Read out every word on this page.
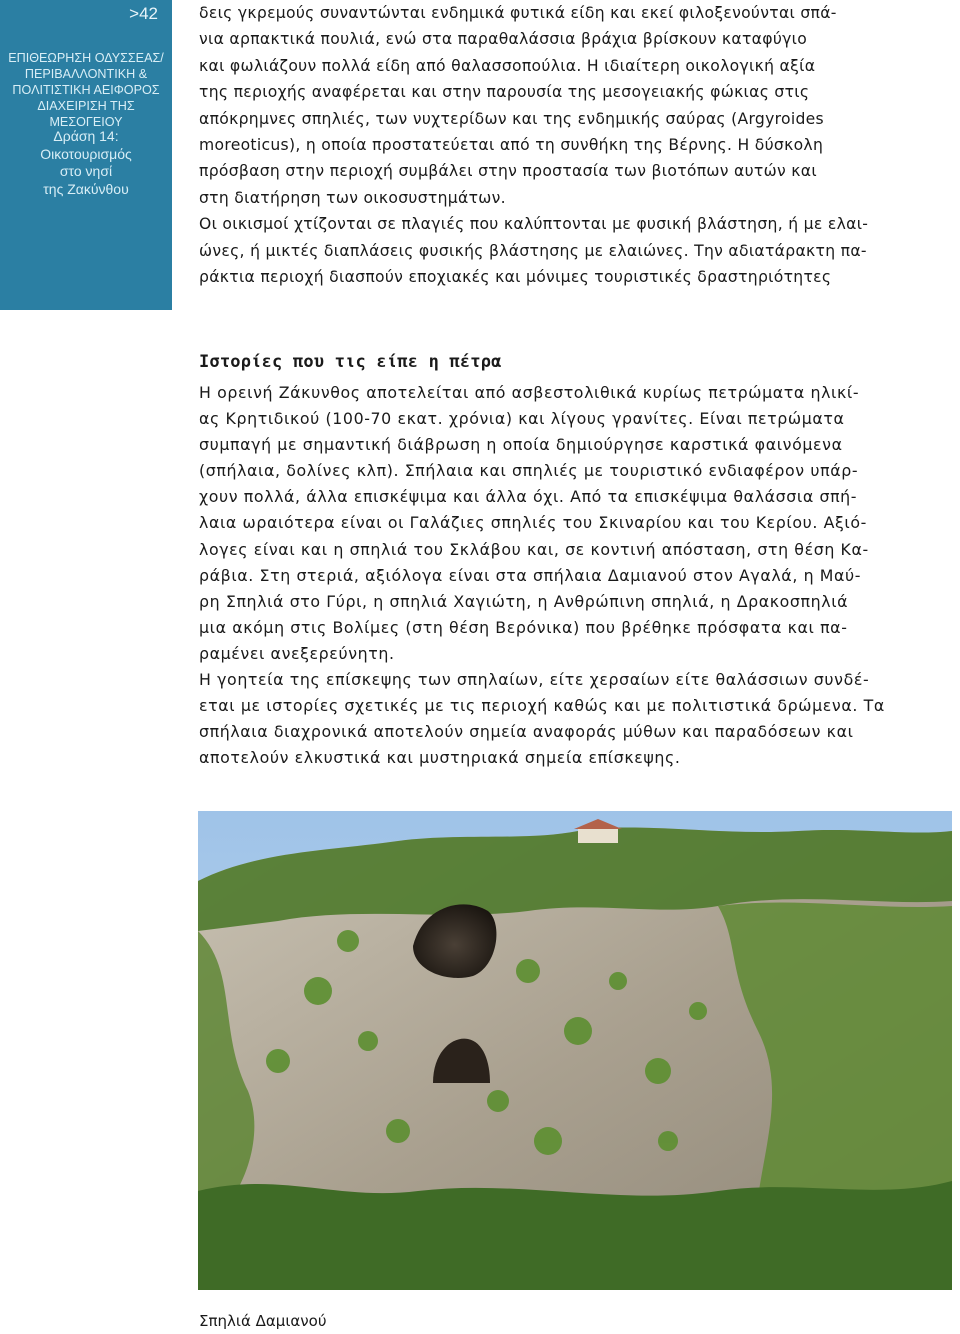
>42
ΕΠΙΘΕΩΡΗΣΗ ΟΔΥΣΣΕΑΣ/
ΠΕΡΙΒΑΛΛΟΝΤΙΚΗ &
ΠΟΛΙΤΙΣΤΙΚΗ ΑΕΙΦΟΡΟΣ
ΔΙΑΧΕΙΡΙΣΗ ΤΗΣ ΜΕΣΟΓΕΙΟΥ
Δράση 14:
Οικοτουρισμός
στο νησί
της Ζακύνθου
δεις γκρεμούς συναντώνται ενδημικά φυτικά είδη και εκεί φιλοξενούνται σπά-
νια αρπακτικά πουλιά, ενώ στα παραθαλάσσια βράχια βρίσκουν καταφύγιο
και φωλιάζουν πολλά είδη από θαλασσοπούλια. Η ιδιαίτερη οικολογική αξία
της περιοχής αναφέρεται και στην παρουσία της μεσογειακής φώκιας στις
απόκρημνες σπηλιές, των νυχτερίδων και της ενδημικής σαύρας (Argyroides
moreoticus), η οποία προστατεύεται από τη συνθήκη της Βέρνης. Η δύσκολη
πρόσβαση στην περιοχή συμβάλει στην προστασία των βιοτόπων αυτών και
στη διατήρηση των οικοσυστημάτων.
Οι οικισμοί χτίζονται σε πλαγιές που καλύπτονται με φυσική βλάστηση, ή με ελαι-
ώνες, ή μικτές διαπλάσεις φυσικής βλάστησης με ελαιώνες. Την αδιατάρακτη πα-
ράκτια περιοχή διασπούν εποχιακές και μόνιμες τουριστικές δραστηριότητες
Ιστορίες που τις είπε η πέτρα
Η ορεινή Ζάκυνθος αποτελείται από ασβεστολιθικά κυρίως πετρώματα ηλικί-
ας Κρητιδικού (100-70 εκατ. χρόνια) και λίγους γρανίτες. Είναι πετρώματα
συμπαγή με σημαντική διάβρωση η οποία δημιούργησε καρστικά φαινόμενα
(σπήλαια, δολίνες κλπ). Σπήλαια και σπηλιές με τουριστικό ενδιαφέρον υπάρ-
χουν πολλά, άλλα επισκέψιμα και άλλα όχι. Από τα επισκέψιμα θαλάσσια σπή-
λαια ωραιότερα είναι οι Γαλάζιες σπηλιές του Σκιναρίου και του Κερίου. Αξιό-
λογες είναι και η σπηλιά του Σκλάβου και, σε κοντινή απόσταση, στη θέση Κα-
ράβια. Στη στεριά, αξιόλογα είναι στα σπήλαια Δαμιανού στον Αγαλά, η Μαύ-
ρη Σπηλιά στο Γύρι, η σπηλιά Χαγιώτη, η Ανθρώπινη σπηλιά, η Δρακοσπηλιά
μια ακόμη στις Βολίμες (στη θέση Βερόνικα) που βρέθηκε πρόσφατα και πα-
ραμένει ανεξερεύνητη.
Η γοητεία της επίσκεψης των σπηλαίων, είτε χερσαίων είτε θαλάσσιων συνδέ-
εται με ιστορίες σχετικές με τις περιοχή καθώς και με πολιτιστικά δρώμενα. Τα
σπήλαια διαχρονικά αποτελούν σημεία αναφοράς μύθων και παραδόσεων και
αποτελούν ελκυστικά και μυστηριακά σημεία επίσκεψης.
Σπηλιά Δαμιανού
